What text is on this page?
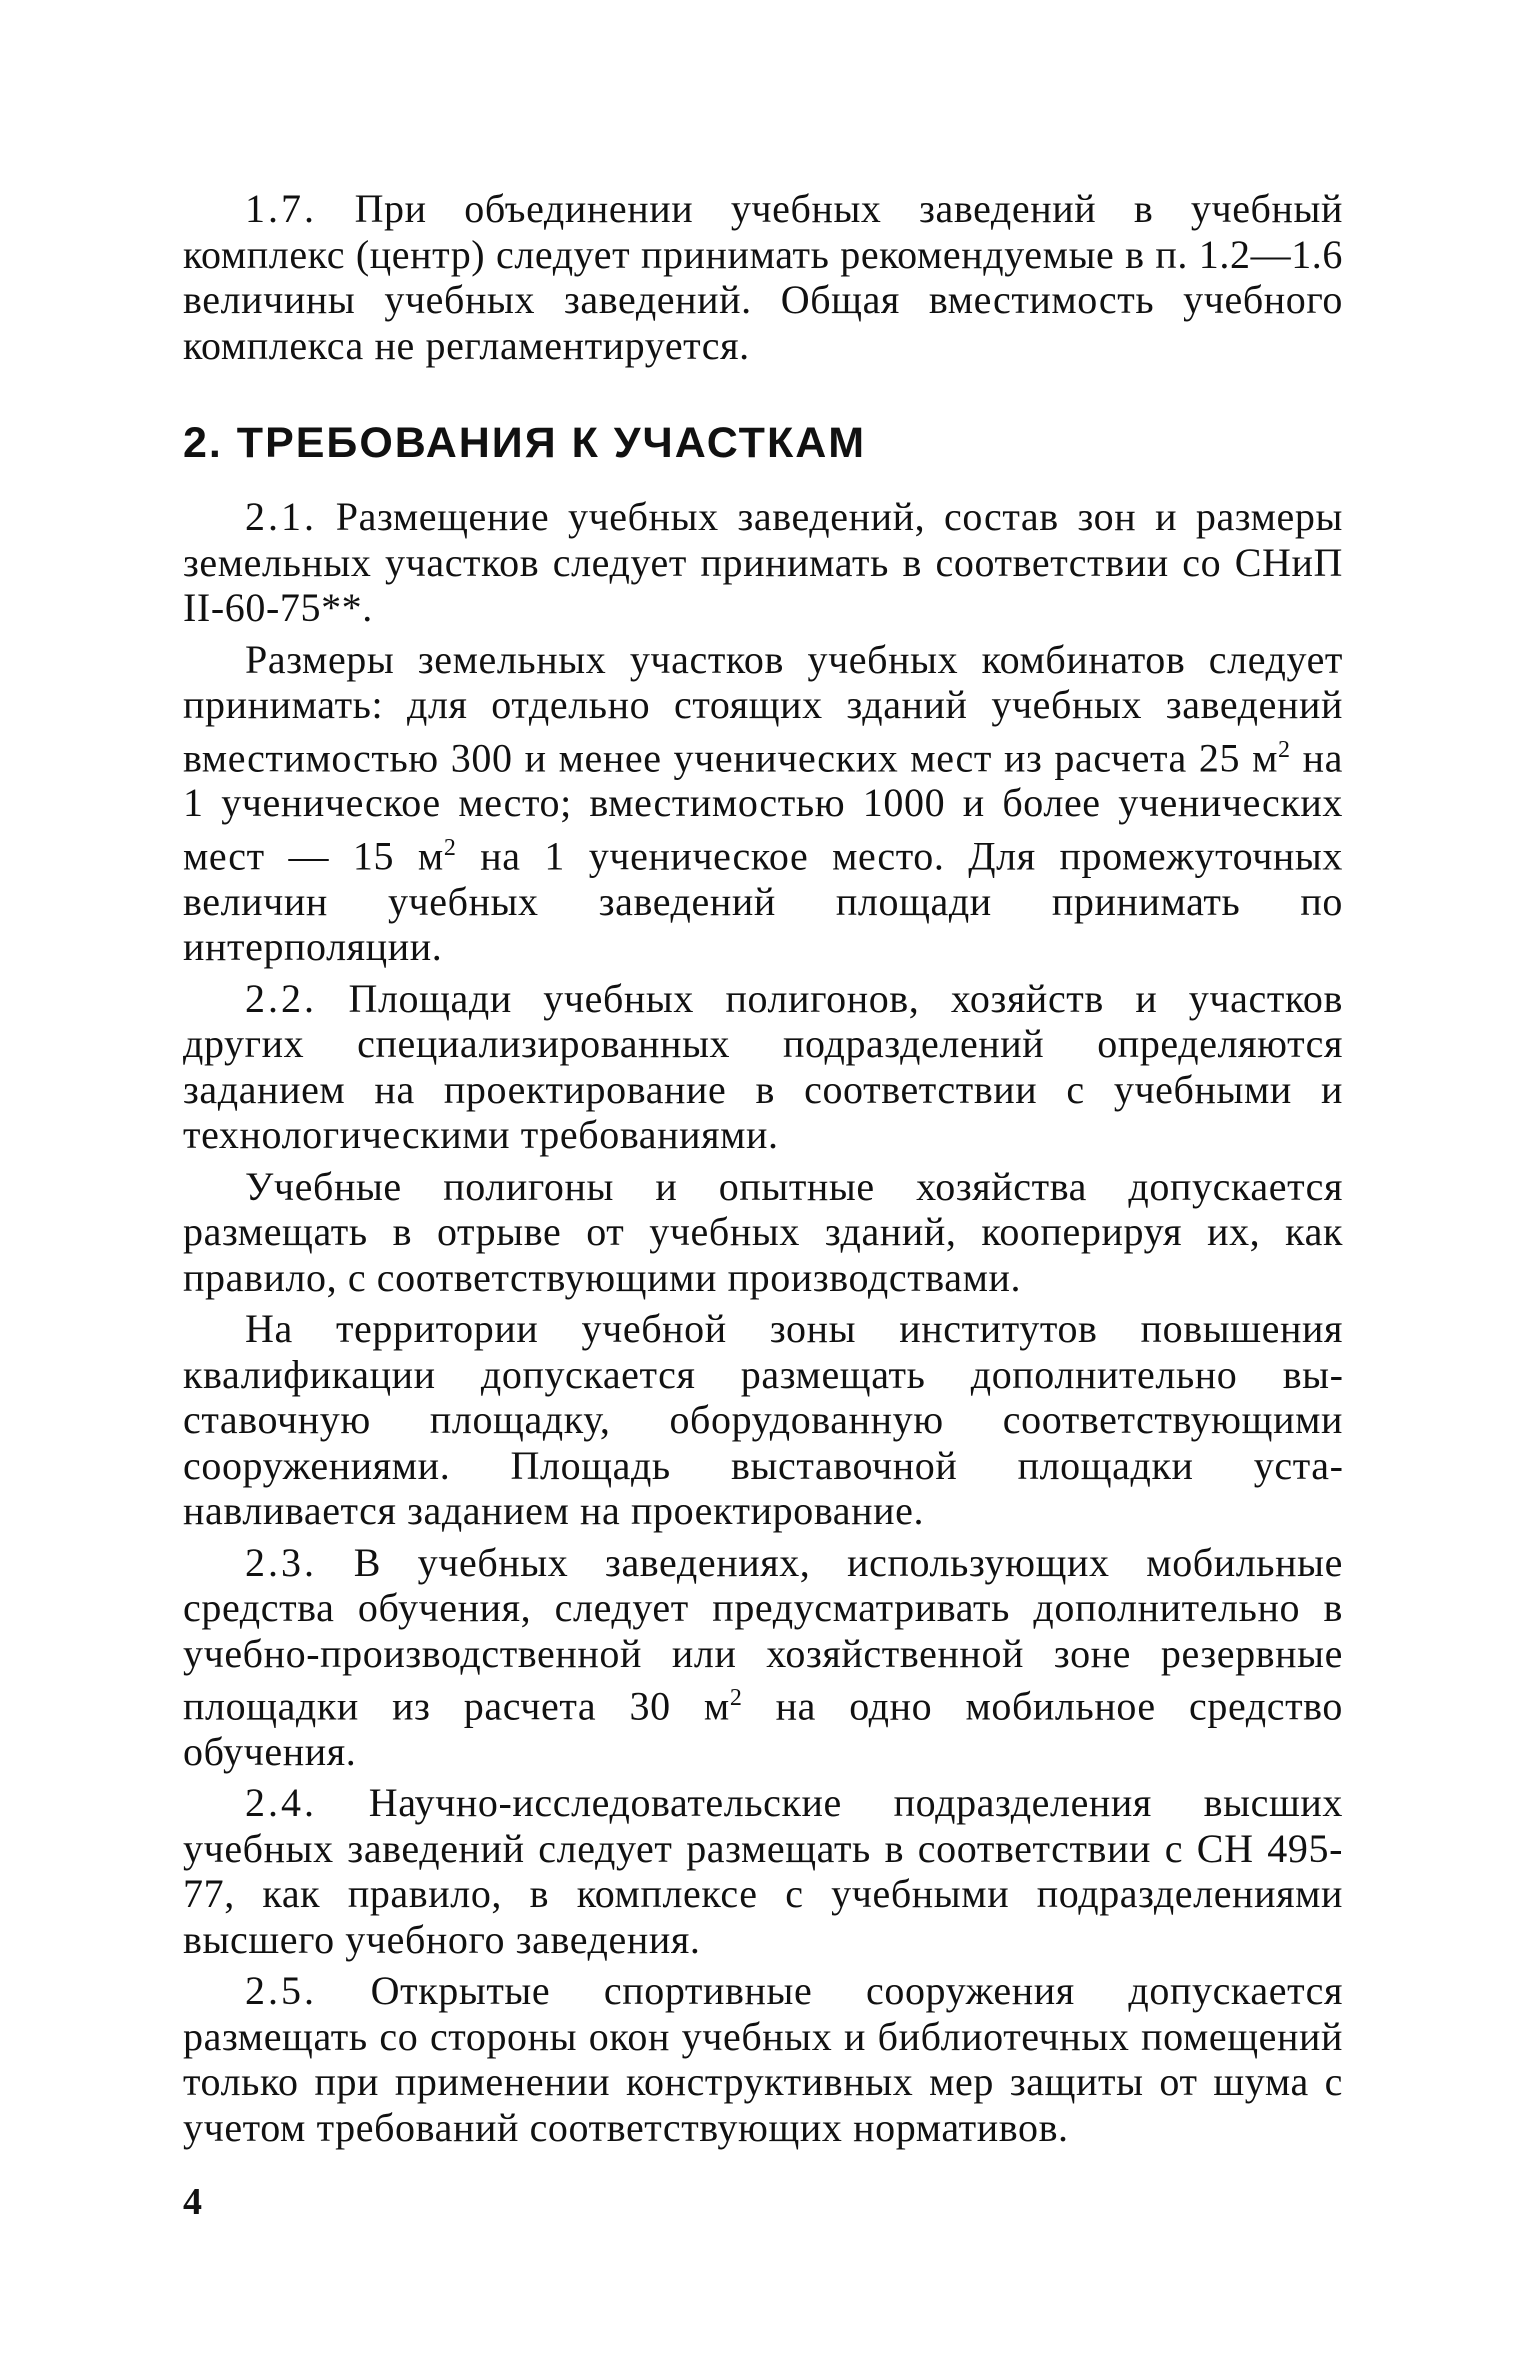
1.7. При объединении учебных заведений в учебный комплекс (центр) следует принимать рекомендуемые в п. 1.2—1.6 величины учебных заведений. Общая вместимость учебного комплекса не регламентируется.

2. ТРЕБОВАНИЯ К УЧАСТКАМ

2.1. Размещение учебных заведений, состав зон и размеры земельных участков следует принимать в соответствии со СНиП II-60-75**.

Размеры земельных участков учебных комбинатов следует принимать: для отдельно стоящих зданий учебных заведений вместимостью 300 и менее ученических мест из расчета 25 $м^2$ на 1 ученическое место; вместимостью 1000 и более ученических мест — 15 $м^2$ на 1 ученическое место. Для промежуточных величин учебных заведений площади принимать по интерполяции.

2.2. Площади учебных полигонов, хозяйств и участков других специализированных подразделений определяются заданием на проектирование в соответствии с учебными и технологическими требованиями.

Учебные полигоны и опытные хозяйства допускается размещать в отрыве от учебных зданий, кооперируя их, как правило, с соответствующими производствами.

На территории учебной зоны институтов повышения квалификации допускается размещать дополнительно выставочную площадку, оборудованную соответствующими сооружениями. Площадь выставочной площадки устанавливается заданием на проектирование.

2.3. В учебных заведениях, использующих мобильные средства обучения, следует предусматривать дополнительно в учебно-производственной или хозяйственной зоне резервные площадки из расчета 30 $м^2$ на одно мобильное средство обучения.

2.4. Научно-исследовательские подразделения высших учебных заведений следует размещать в соответствии с СН 495-77, как правило, в комплексе с учебными подразделениями высшего учебного заведения.

2.5. Открытые спортивные сооружения допускается размещать со стороны окон учебных и библиотечных помещений только при применении конструктивных мер защиты от шума с учетом требований соответствующих нормативов.

4
